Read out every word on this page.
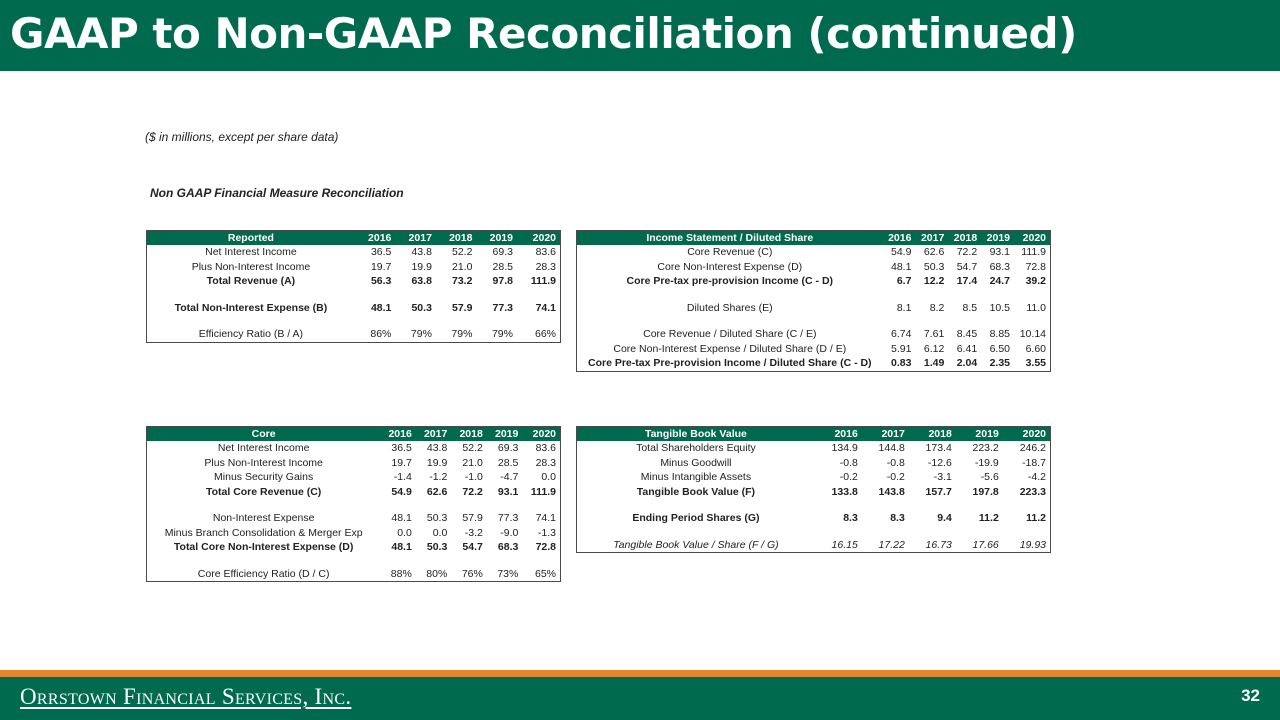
GAAP to Non-GAAP Reconciliation (continued)
($ in millions, except per share data)
Non GAAP Financial Measure Reconciliation
Reported	2016	2017	2018	2019	2020
Net Interest Income	36.5	43.8	52.2	69.3	83.6
Plus Non-Interest Income	19.7	19.9	21.0	28.5	28.3
Total Revenue (A)	56.3	63.8	73.2	97.8	111.9

Total Non-Interest Expense (B)	48.1	50.3	57.9	77.3	74.1

Efficiency Ratio (B / A)	86%	79%	79%	79%	66%
Income Statement / Diluted Share	2016	2017	2018	2019	2020
Core Revenue (C)	54.9	62.6	72.2	93.1	111.9
Core Non-Interest Expense (D)	48.1	50.3	54.7	68.3	72.8
Core Pre-tax pre-provision Income (C - D)	6.7	12.2	17.4	24.7	39.2

Diluted Shares (E)	8.1	8.2	8.5	10.5	11.0

Core Revenue / Diluted Share (C / E)	6.74	7.61	8.45	8.85	10.14
Core Non-Interest Expense / Diluted Share (D / E)	5.91	6.12	6.41	6.50	6.60
Core Pre-tax Pre-provision Income / Diluted Share (C - D)	0.83	1.49	2.04	2.35	3.55
Core	2016	2017	2018	2019	2020
Net Interest Income	36.5	43.8	52.2	69.3	83.6
Plus Non-Interest Income	19.7	19.9	21.0	28.5	28.3
Minus Security Gains	-1.4	-1.2	-1.0	-4.7	0.0
Total Core Revenue (C)	54.9	62.6	72.2	93.1	111.9

Non-Interest Expense	48.1	50.3	57.9	77.3	74.1
Minus Branch Consolidation & Merger Exp	0.0	0.0	-3.2	-9.0	-1.3
Total Core Non-Interest Expense (D)	48.1	50.3	54.7	68.3	72.8

Core Efficiency Ratio (D / C)	88%	80%	76%	73%	65%
Tangible Book Value	2016	2017	2018	2019	2020
Total Shareholders Equity	134.9	144.8	173.4	223.2	246.2
Minus Goodwill	-0.8	-0.8	-12.6	-19.9	-18.7
Minus Intangible Assets	-0.2	-0.2	-3.1	-5.6	-4.2
Tangible Book Value (F)	133.8	143.8	157.7	197.8	223.3

Ending Period Shares (G)	8.3	8.3	9.4	11.2	11.2

Tangible Book Value / Share (F / G)	16.15	17.22	16.73	17.66	19.93
Orrstown Financial Services, Inc.	32
